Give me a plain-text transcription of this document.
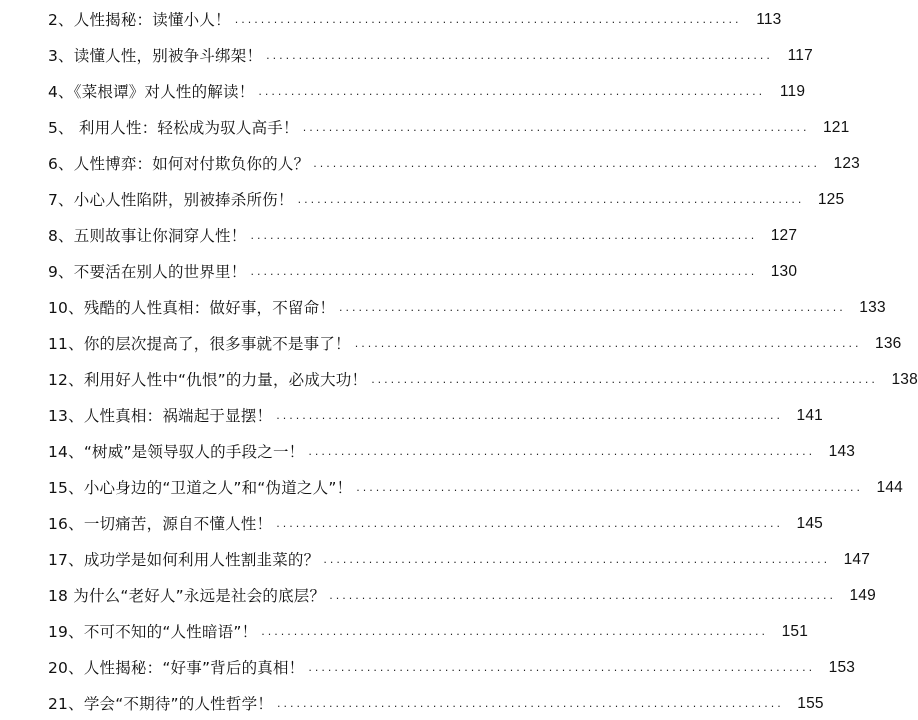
2、人性揭秘：读懂小人！ .............................................................................. 113
3、读懂人性，别被争斗绑架！ .............................................................................. 117
4、《菜根谭》对人性的解读！ .............................................................................. 119
5、 利用人性：轻松成为驭人高手！ .............................................................................. 121
6、人性博弈：如何对付欺负你的人？ .............................................................................. 123
7、小心人性陷阱，别被捧杀所伤！ .............................................................................. 125
8、五则故事让你洞穿人性！ .............................................................................. 127
9、不要活在别人的世界里！ .............................................................................. 130
10、残酷的人性真相：做好事，不留命！ .............................................................................. 133
11、你的层次提高了，很多事就不是事了！ .............................................................................. 136
12、利用好人性中“仇恨”的力量，必成大功！ .............................................................................. 138
13、人性真相：祸端起于显摆！ .............................................................................. 141
14、“树威”是领导驭人的手段之一！ .............................................................................. 143
15、小心身边的“卫道之人”和“伪道之人”！ .............................................................................. 144
16、一切痛苦，源自不懂人性！ .............................................................................. 145
17、成功学是如何利用人性割韭菜的？ .............................................................................. 147
18 为什么“老好人”永远是社会的底层？ .............................................................................. 149
19、不可不知的“人性暗语”！ .............................................................................. 151
20、人性揭秘：“好事”背后的真相！ .............................................................................. 153
21、学会“不期待”的人性哲学！ .............................................................................. 155
